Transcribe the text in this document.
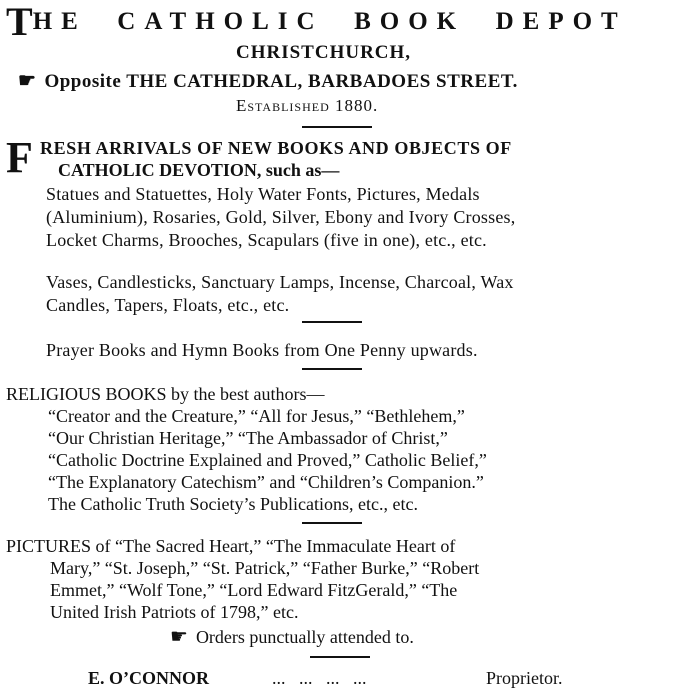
THE  CATHOLIC  BOOK  DEPOT
CHRISTCHURCH,
☛ Opposite THE CATHEDRAL, BARBADOES STREET.
Established 1880.
F RESH ARRIVALS OF NEW BOOKS AND OBJECTS OF
CATHOLIC DEVOTION, such as—
Statues and Statuettes, Holy Water Fonts, Pictures, Medals
(Aluminium), Rosaries, Gold, Silver, Ebony and Ivory Crosses,
Locket Charms, Brooches, Scapulars (five in one), etc., etc.
Vases, Candlesticks, Sanctuary Lamps, Incense, Charcoal, Wax
Candles, Tapers, Floats, etc., etc.
Prayer Books and Hymn Books from One Penny upwards.
RELIGIOUS BOOKS by the best authors—
“Creator and the Creature,” “All for Jesus,” “Bethlehem,”
“Our Christian Heritage,” “The Ambassador of Christ,”
“Catholic Doctrine Explained and Proved,” Catholic Belief,”
“The Explanatory Catechism” and “Children’s Companion.”
The Catholic Truth Society’s Publications, etc., etc.
PICTURES of “The Sacred Heart,” “The Immaculate Heart of
Mary,” “St. Joseph,” “St. Patrick,” “Father Burke,” “Robert
Emmet,” “Wolf Tone,” “Lord Edward FitzGerald,” “The
United Irish Patriots of 1798,” etc.
☛ Orders punctually attended to.
E. O’CONNOR	...   ...   ...   ...	Proprietor.
